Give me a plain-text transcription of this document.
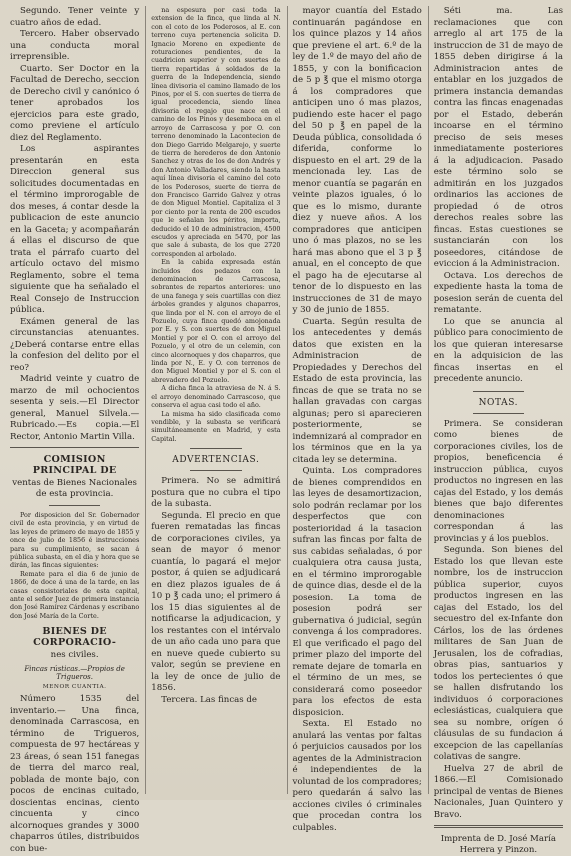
Segundo. Tener veinte y cuatro años de edad.

Tercero. Haber observado una conducta moral irreprensible.

Cuarto. Ser Doctor en la Facultad de Derecho, seccion de Derecho civil y canónico ó tener aprobados los ejercicios para este grado, como previene el artículo diez del Reglamento.

Los aspirantes presentarán en esta Direccion general sus solicitudes documentadas en el término improrogable de dos meses, á contar desde la publicacion de este anuncio en la Gaceta; y acompañarán á ellas el discurso de que trata el párrafo cuarto del artículo octavo del mismo Reglamento, sobre el tema siguiente que ha señalado el Real Consejo de Instruccion pública.

Exámen general de las circunstancias atenuantes. ¿Deberá contarse entre ellas la confesion del delito por el reo?

Madrid veinte y cuatro de marzo de mil ochocientos sesenta y seis.—El Director general, Manuel Silvela.—Rubricado.—Es copia.—El Rector, Antonio Martin Villa.

COMISION PRINCIPAL DE
ventas de Bienes Nacionales de esta provincia.

Por disposicion del Sr. Gobernador civil de esta provincia, y en virtud de las leyes de primero de mayo de 1855 y once de julio de 1856 é instrucciones para su cumplimiento, se sacan á pública subasta, en el dia y hora que se dirán, las fincas siguientes:

Remate para el dia 6 de junio de 1866, de doce á una de la tarde, en las casas consistoriales de esta capital, ante el señor Juez de primera instancia don José Ramírez Cárdenas y escribano don José María de la Corte.

BIENES DE CORPORACIO-
nes civiles.
Fincas rústicas.—Propios de Trigueros.
MENOR CUANTIA.

Número 1535 del inventario.— Una finca, denominada Carrascosa, en término de Trigueros, compuesta de 97 hectáreas y 23 áreas, ó sean 151 fanegas de tierra del marco real, poblada de monte bajo, con pocos de encinas cuitado, doscientas encinas, ciento cincuenta y cinco alcornoques grandes y 3000 chaparros útiles, distribuidos con bue-

na espesura por casi toda la extension de la finca, que linda al N. con el coto de los Poderosos, al E. con terreno cuya pertenencia solicita D. Ignacio Moreno en expediente de roturaciones pendientes, de la cuadricion superior y con suertes de tierra repartidas á soldados de la guerra de la Independencia, siendo línea divisoria el camino llamado de los Pinos, por el S. con suertes de tierra de igual procedencia, siendo línea divisoria el regajo que nace en el camino de los Pinos y desemboca en el arroyo de Carrascosa y por O. con terreno denominado la Lacontecion de don Diego Garrido Melgarejo, y suerte de tierra de herederos de don Antonio Sanchez y otras de los de don Andrés y don Antonio Valladares, siendo la hasta aquí línea divisoria el camino del coto de los Poderosos, suerte de tierra de don Francisco Garrido Galvez y otras de don Miguel Montiel. Capitaliza el 3 por ciento por la renta de 200 escudos que le señalan los péritos, importa, deducido el 10 de administracion, 4500 escudos y apreciada en 5470, por las que sale á subasta, de los que 2720 corresponden al arbolado.

En la cabida expresada están incluidos dos pedazos con la denominacion de Carrascosa, sobrantes de repartos anteriores: uno de una fanega y seis cuartillas con diez árboles grandes y algunos chaparros, que linda por el N. con el arroyo de el Pozuelo, cuya finca quedó amojonada por E. y S. con suertes de don Miguel Montiel y por el O. con el arroyo del Pozuelo, y el otro de un celemin, con cinco alcornoques y dos chaparros, que linda por N., E. y O. con terrenos de don Miguel Montiel y por el S. con el abrevadero del Pozuelo.

A dicha finca la atraviesa de N. á S. el arroyo denominado Carrascoso, que conserva el agua casi todo el año.

La misma ha sido clasificada como vendible, y la subasta se verificará simultáneamente en Madrid, y esta Capital.

ADVERTENCIAS.

Primera. No se admitirá postura que no cubra el tipo de la subasta.

Segunda. El precio en que fueren rematadas las fincas de corporaciones civiles, ya sean de mayor ó menor cuantía, lo pagará el mejor postor, á quien se adjudicará en diez plazos iguales de á 10 p ℥ cada uno; el primero á los 15 dias siguientes al de notificarse la adjudicacion, y los restantes con el intérvalo de un año cada uno para que en nueve quede cubierto su valor, según se previene en la ley de once de julio de 1856.

Tercera. Las fincas de

mayor cuantía del Estado continuarán pagándose en los quince plazos y 14 años que previene el art. 6.º de la ley de 1.º de mayo del año de 1855, y con la bonificacion de 5 p ℥ que el mismo otorga á los compradores que anticipen uno ó mas plazos, pudiendo este hacer el pago del 50 p ℥ en papel de la Deuda pública, consolidada ó diferida, conforme lo dispuesto en el art. 29 de la mencionada ley. Las de menor cuantía se pagarán en veinte plazos iguales, ó lo que es lo mismo, durante diez y nueve años. A los compradores que anticipen uno ó mas plazos, no se les hará mas abono que el 3 p ℥ anual, en el concepto de que el pago ha de ejecutarse al tenor de lo dispuesto en las instrucciones de 31 de mayo y 30 de junio de 1855.

Cuarta. Según resulta de los antecedentes y demás datos que existen en la Administracion de Propiedades y Derechos del Estado de esta provincia, las fincas de que se trata no se hallan gravadas con cargas algunas; pero si aparecieren posteriormente, se indemnizará al comprador en los términos que en la ya citada ley se determina.

Quinta. Los compradores de bienes comprendidos en las leyes de desamortizacion, solo podrán reclamar por los desperfectos que con posterioridad á la tasacion sufran las fincas por falta de sus cabidas señaladas, ó por cualquiera otra causa justa, en el término improrogable de quince dias, desde el de la posesion. La toma de posesion podrá ser gubernativa ó judicial, según convenga á los compradores. El que verificado el pago del primer plazo del importe del remate dejare de tomarla en el término de un mes, se considerará como poseedor para los efectos de esta disposicion.

Sexta. El Estado no anulará las ventas por faltas ó perjuicios causados por los agentes de la Administracion é independientes de la voluntad de los compradores; pero quedarán á salvo las acciones civiles ó criminales que procedan contra los culpables.

Séti ma. Las reclamaciones que con arreglo al art 175 de la instruccion de 31 de mayo de 1855 deben dirigirse á la Administracion antes de entablar en los juzgados de primera instancia demandas contra las fincas enagenadas por el Estado, deberán incoarse en el término preciso de seis meses inmediatamente posteriores á la adjudicacion. Pasado este término solo se admitirán en los juzgados ordinarios las acciones de propiedad ó de otros derechos reales sobre las fincas. Estas cuestiones se sustanciarán con los poseedores, citándose de eviccion á la Administracion.

Octava. Los derechos de expediente hasta la toma de posesion serán de cuenta del rematante.

Lo que se anuncia al público para conocimiento de los que quieran interesarse en la adquisicion de las fincas insertas en el precedente anuncio.

NOTAS.

Primera. Se consideran como bienes de corporaciones civiles, los de propios, beneficencia é instruccion pública, cuyos productos no ingresen en las cajas del Estado, y los demás bienes que bajo diferentes denominaciones correspondan á las provincias y á los pueblos.

Segunda. Son bienes del Estado los que llevan este nombre, los de instruccion pública superior, cuyos productos ingresen en las cajas del Estado, los del secuestro del ex-Infante don Cárlos, los de las órdenes militares de San Juan de Jerusalen, los de cofradias, obras pias, santuarios y todos los pertecientes ó que se hallen disfrutando los individuos ó corporaciones eclesiásticas, cualquiera que sea su nombre, orígen ó cláusulas de su fundacion á excepcion de las capellanías colativas de sangre.

Huelva 27 de abril de 1866.—El Comisionado principal de ventas de Bienes Nacionales, Juan Quintero y Bravo.

Imprenta de D. José María Herrera y Pinzon.
